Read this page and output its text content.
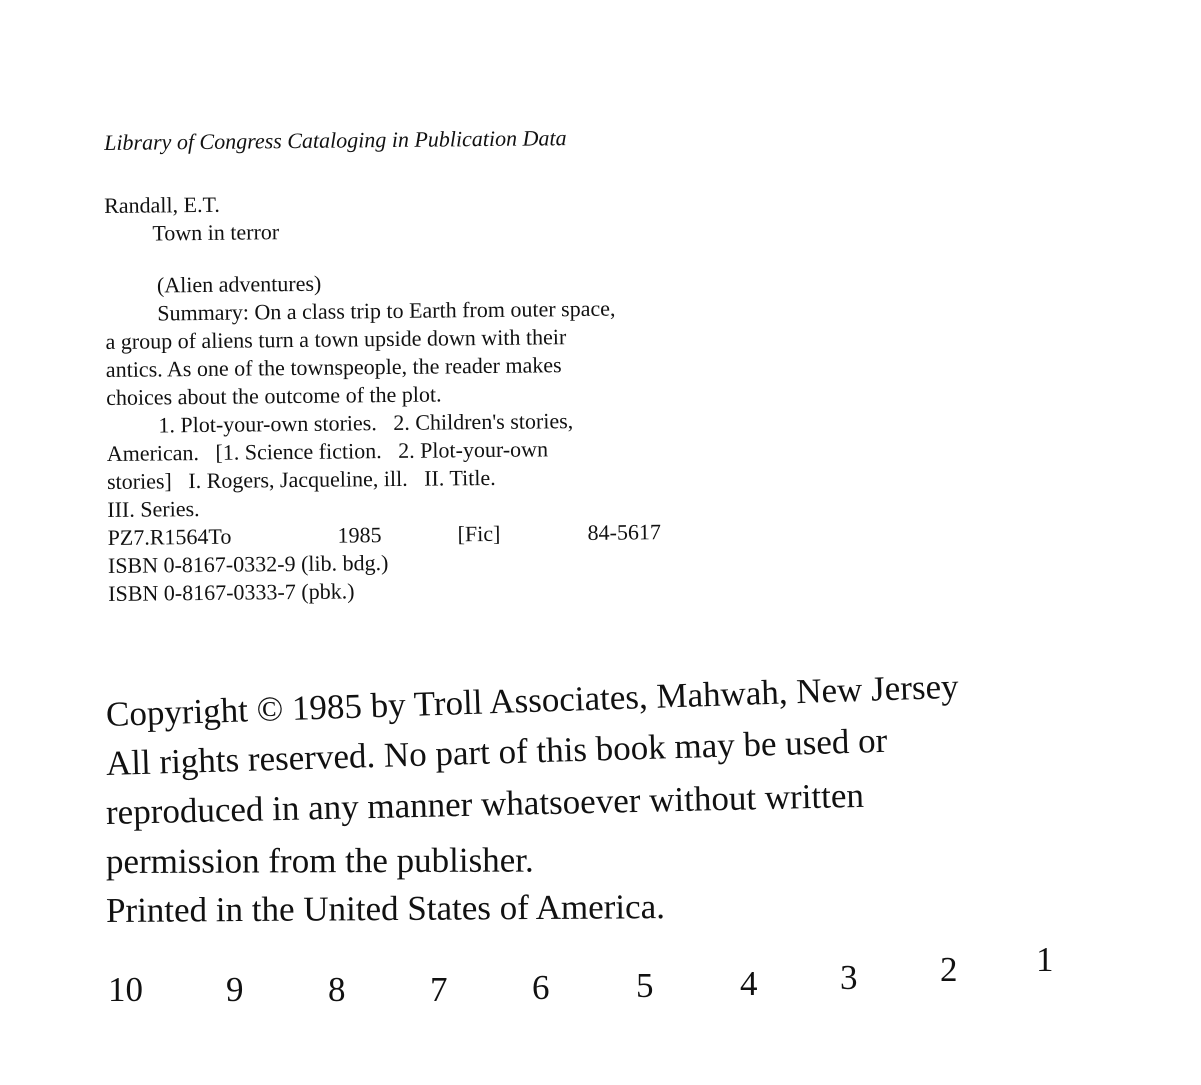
Library of Congress Cataloging in Publication Data
Randall, E.T.
Town in terror
(Alien adventures)
Summary: On a class trip to Earth from outer space,
a group of aliens turn a town upside down with their
antics. As one of the townspeople, the reader makes
choices about the outcome of the plot.
1. Plot-your-own stories.   2. Children's stories,
American.   [1. Science fiction.   2. Plot-your-own
stories]   I. Rogers, Jacqueline, ill.   II. Title.
III. Series.
PZ7.R1564To	1985	[Fic]	84-5617
ISBN 0-8167-0332-9 (lib. bdg.)
ISBN 0-8167-0333-7 (pbk.)
Copyright © 1985 by Troll Associates, Mahwah, New Jersey
All rights reserved. No part of this book may be used or
reproduced in any manner whatsoever without written
permission from the publisher.
Printed in the United States of America.
10 9 8 7 6 5 4 3 2 1
